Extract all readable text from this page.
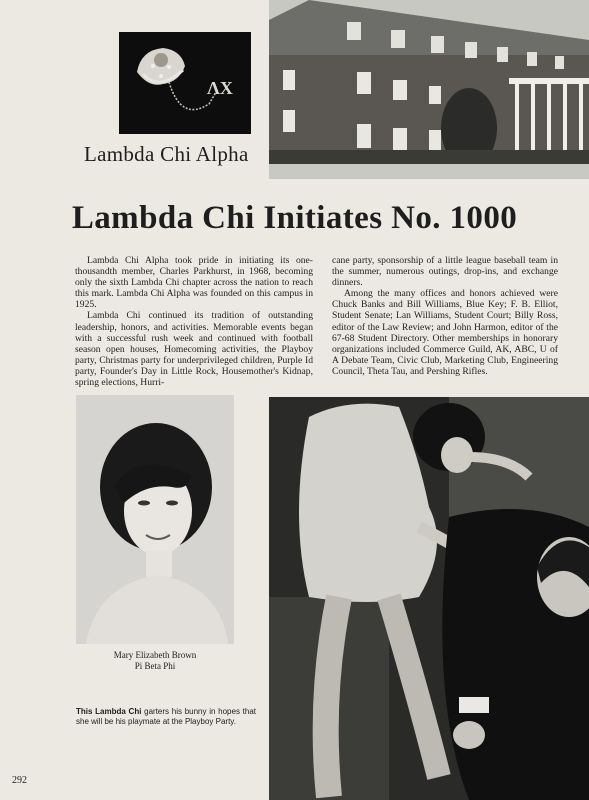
ΛΧ
Lambda Chi Alpha
Lambda Chi Initiates No. 1000

Lambda Chi Alpha took pride in initiating its one-thousandth member, Charles Parkhurst, in 1968, becoming only the sixth Lambda Chi chapter across the nation to reach this mark. Lambda Chi Alpha was founded on this campus in 1925.

Lambda Chi continued its tradition of outstanding leadership, honors, and activities. Memorable events began with a successful rush week and continued with football season open houses, Homecoming activities, the Playboy party, Christmas party for underprivileged children, Purple Id party, Founder's Day in Little Rock, Housemother's Kidnap, spring elections, Hurri-

cane party, sponsorship of a little league baseball team in the summer, numerous outings, drop-ins, and exchange dinners.

Among the many offices and honors achieved were Chuck Banks and Bill Williams, Blue Key; F. B. Elliot, Student Senate; Lan Williams, Student Court; Billy Ross, editor of the Law Review; and John Harmon, editor of the 67-68 Student Directory. Other memberships in honorary organizations included Commerce Guild, AK, ABC, U of A Debate Team, Civic Club, Marketing Club, Engineering Council, Theta Tau, and Pershing Rifles.

Mary Elizabeth Brown
Pi Beta Phi
This Lambda Chi garters his bunny in hopes that she will be his playmate at the Playboy Party.
292
